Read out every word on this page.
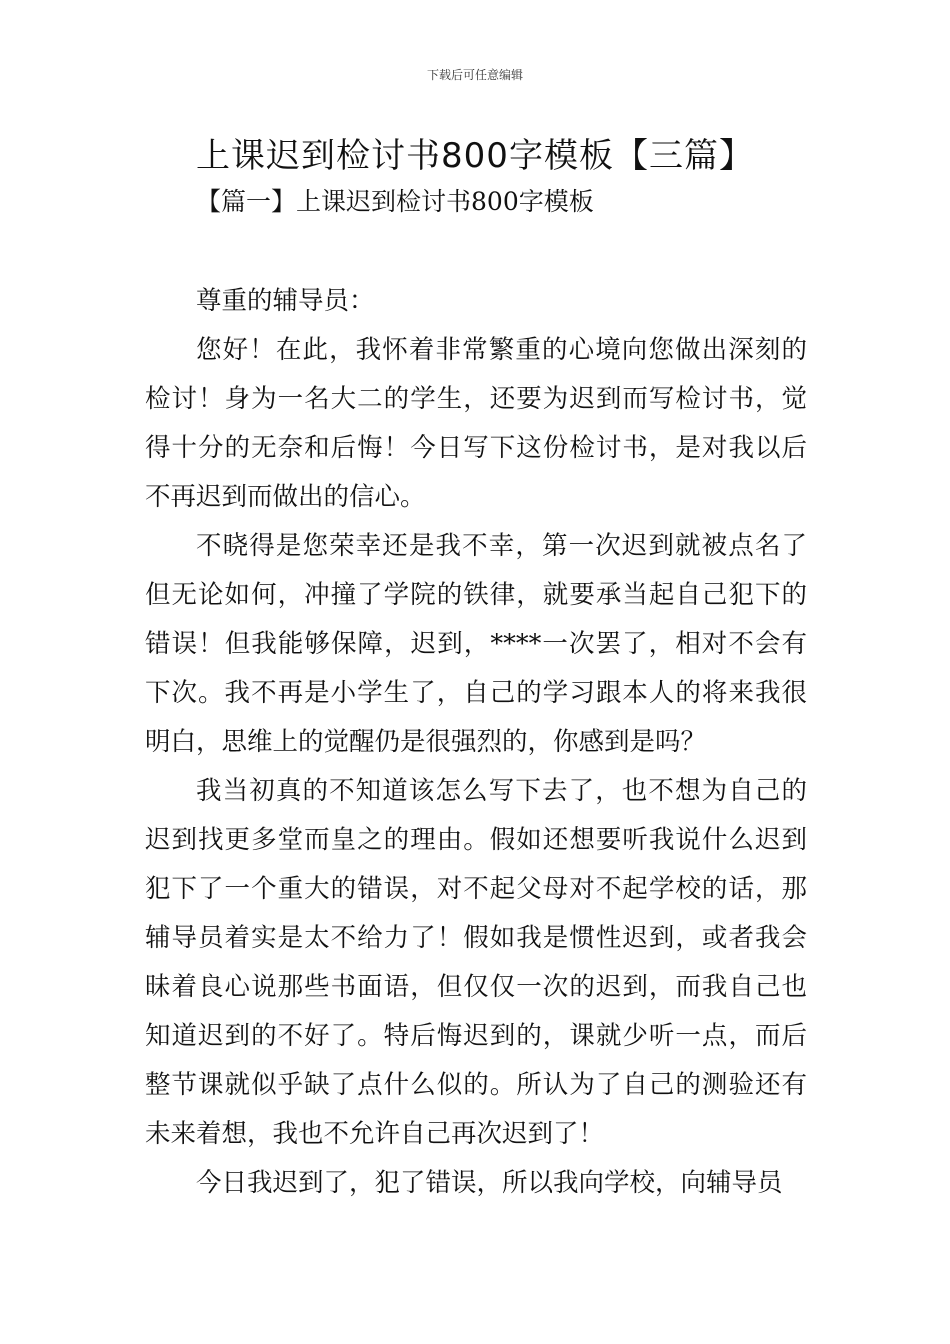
下载后可任意编辑
上课迟到检讨书800字模板【三篇】
【篇一】上课迟到检讨书800字模板

尊重的辅导员：

您好！在此，我怀着非常繁重的心境向您做出深刻的检讨！身为一名大二的学生，还要为迟到而写检讨书，觉得十分的无奈和后悔！今日写下这份检讨书，是对我以后不再迟到而做出的信心。

不晓得是您荣幸还是我不幸，第一次迟到就被点名了但无论如何，冲撞了学院的铁律，就要承当起自己犯下的错误！但我能够保障，迟到，****一次罢了，相对不会有下次。我不再是小学生了，自己的学习跟本人的将来我很明白，思维上的觉醒仍是很强烈的，你感到是吗？

我当初真的不知道该怎么写下去了，也不想为自己的迟到找更多堂而皇之的理由。假如还想要听我说什么迟到犯下了一个重大的错误，对不起父母对不起学校的话，那辅导员着实是太不给力了！假如我是惯性迟到，或者我会昧着良心说那些书面语，但仅仅一次的迟到，而我自己也知道迟到的不好了。特后悔迟到的，课就少听一点，而后整节课就似乎缺了点什么似的。所认为了自己的测验还有未来着想，我也不允许自己再次迟到了！

今日我迟到了，犯了错误，所以我向学校，向辅导员
